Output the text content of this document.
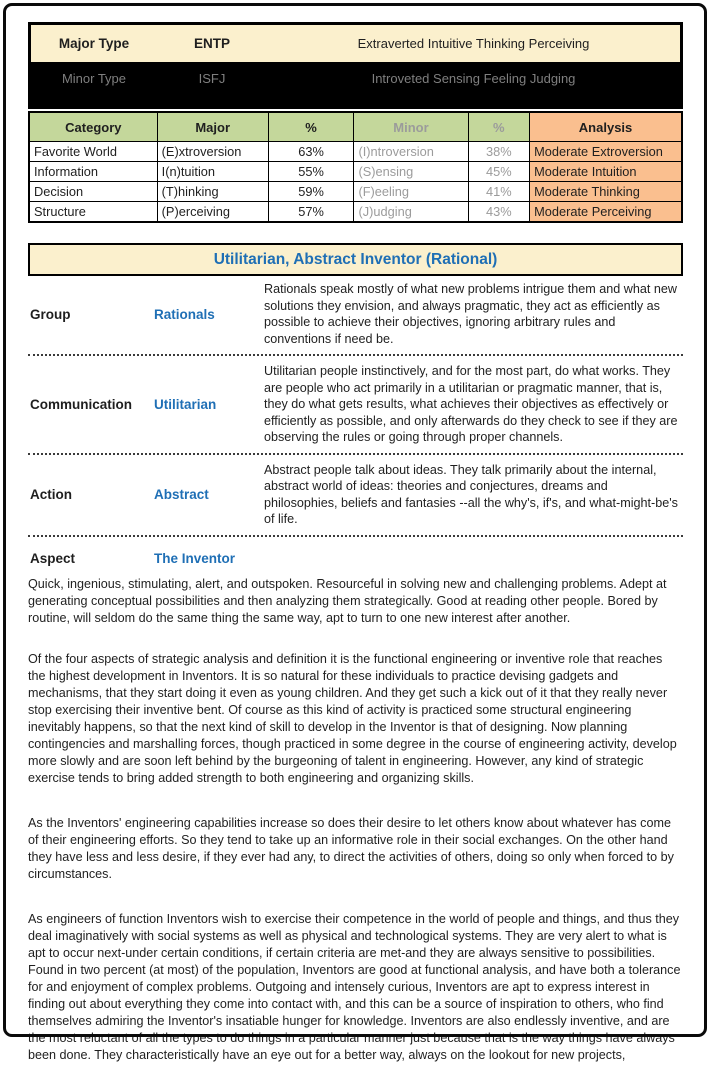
Major Type	ENTP	Extraverted Intuitive Thinking Perceiving
Minor Type	ISFJ	Introveted Sensing Feeling Judging
Category	Major	%	Minor	%	Analysis
Favorite World	(E)xtroversion	63%	(I)ntroversion	38%	Moderate Extroversion
Information	I(n)tuition	55%	(S)ensing	45%	Moderate Intuition
Decision	(T)hinking	59%	(F)eeling	41%	Moderate Thinking
Structure	(P)erceiving	57%	(J)udging	43%	Moderate Perceiving
Utilitarian, Abstract Inventor (Rational)
Group	Rationals
Rationals speak mostly of what new problems intrigue them and what new solutions they envision, and always pragmatic, they act as efficiently as possible to achieve their objectives, ignoring arbitrary rules and conventions if need be.
Communication	Utilitarian
Utilitarian people instinctively, and for the most part, do what works. They are people who act primarily in a utilitarian or pragmatic manner, that is, they do what gets results, what achieves their objectives as effectively or efficiently as possible, and only afterwards do they check to see if they are observing the rules or going through proper channels.
Action	Abstract
Abstract people talk about ideas. They talk primarily about the internal, abstract world of ideas: theories and conjectures, dreams and philosophies, beliefs and fantasies --all the why's, if's, and what-might-be's of life.
Aspect	The Inventor

Quick, ingenious, stimulating, alert, and outspoken. Resourceful in solving new and challenging problems. Adept at generating conceptual possibilities and then analyzing them strategically. Good at reading other people. Bored by routine, will seldom do the same thing the same way, apt to turn to one new interest after another.

Of the four aspects of strategic analysis and definition it is the functional engineering or inventive role that reaches the highest development in Inventors. It is so natural for these individuals to practice devising gadgets and mechanisms, that they start doing it even as young children. And they get such a kick out of it that they really never stop exercising their inventive bent. Of course as this kind of activity is practiced some structural engineering inevitably happens, so that the next kind of skill to develop in the Inventor is that of designing. Now planning contingencies and marshalling forces, though practiced in some degree in the course of engineering activity, develop more slowly and are soon left behind by the burgeoning of talent in engineering. However, any kind of strategic exercise tends to bring added strength to both engineering and organizing skills.

As the Inventors' engineering capabilities increase so does their desire to let others know about whatever has come of their engineering efforts. So they tend to take up an informative role in their social exchanges. On the other hand they have less and less desire, if they ever had any, to direct the activities of others, doing so only when forced to by circumstances.

As engineers of function Inventors wish to exercise their competence in the world of people and things, and thus they deal imaginatively with social systems as well as physical and technological systems. They are very alert to what is apt to occur next-under certain conditions, if certain criteria are met-and they are always sensitive to possibilities. Found in two percent (at most) of the population, Inventors are good at functional analysis, and have both a tolerance for and enjoyment of complex problems. Outgoing and intensely curious, Inventors are apt to express interest in finding out about everything they come into contact with, and this can be a source of inspiration to others, who find themselves admiring the Inventor's insatiable hunger for knowledge. Inventors are also endlessly inventive, and are the most reluctant of all the types to do things in a particular manner just because that is the way things have always been done. They characteristically have an eye out for a better way, always on the lookout for new projects,
